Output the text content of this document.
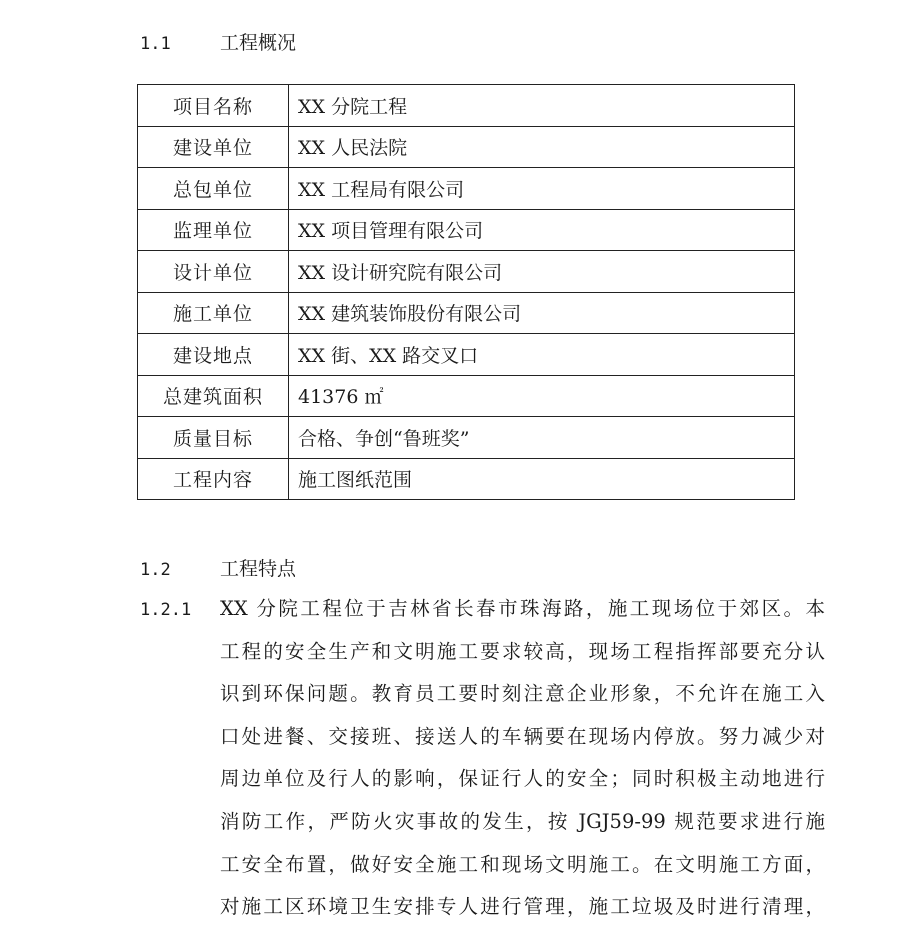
1.1	工程概况
项目名称	XX 分院工程
建设单位	XX 人民法院
总包单位	XX 工程局有限公司
监理单位	XX 项目管理有限公司
设计单位	XX 设计研究院有限公司
施工单位	XX 建筑装饰股份有限公司
建设地点	XX 街、XX 路交叉口
总建筑面积	41376 ㎡
质量目标	合格、争创“鲁班奖”
工程内容	施工图纸范围
1.2	工程特点
1.2.1 XX 分院工程位于吉林省长春市珠海路，施工现场位于郊区。本
工程的安全生产和文明施工要求较高，现场工程指挥部要充分认
识到环保问题。教育员工要时刻注意企业形象，不允许在施工入
口处进餐、交接班、接送人的车辆要在现场内停放。努力减少对
周边单位及行人的影响，保证行人的安全；同时积极主动地进行
消防工作，严防火灾事故的发生，按 JGJ59-99 规范要求进行施
工安全布置，做好安全施工和现场文明施工。在文明施工方面，
对施工区环境卫生安排专人进行管理，施工垃圾及时进行清理，
